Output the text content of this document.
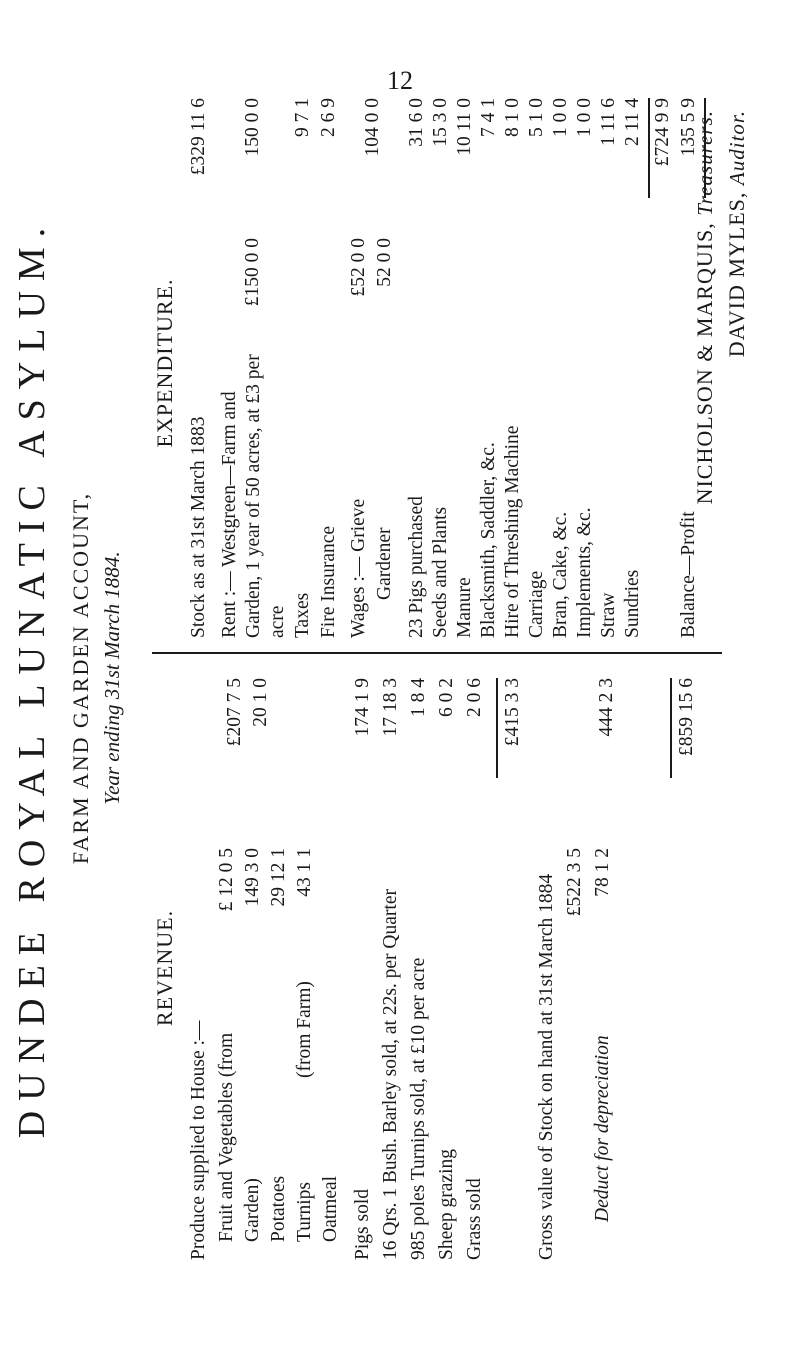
12
DUNDEE ROYAL LUNATIC ASYLUM. FARM AND GARDEN ACCOUNT, Year ending 31st March 1884.
REVENUE.
Produce supplied to House :— Fruit and Vegetables (from Garden) Potatoes Turnips Oatmeal
£ 12 0 5 149 3 0 29 12 1 43 1 1
(from Farm)
£207 7 5 20 1 0
Pigs sold
174 1 9
16 Qrs. 1 Bush. Barley sold, at 22s. per Quarter
17 18 3
985 poles Turnips sold, at £10 per acre
1 8 4
Sheep grazing
6 0 2
Grass sold
2 0 6 £415 3 3
Gross value of Stock on hand at 31st March 1884 £522 3 5
Deduct for depreciation
78 1 2
444 2 3	£859 15 6
EXPENDITURE.
Stock as at 31st March 1883
£329 11 6
Rent :— Westgreen—Farm and Garden, 1 year of 50 acres, at £3 per acre
£150 0 0
150 0 0
Taxes
9 7 1
Fire Insurance
2 6 9
Wages :— Grieve
£52 0 0
Gardener
52 0 0
104 0 0
23 Pigs purchased
31 6 0
Seeds and Plants
15 3 0
Manure
10 11 0
Blacksmith, Saddler, &c.
7 4 1
Hire of Threshing Machine
8 1 0
Carriage
5 1 0
Bran, Cake, &c.
1 0 0
Implements, &c.
1 0 0
Straw
1 11 6
Sundries
2 11 4 £724 9 9
Balance—Profit
135 5 9
NICHOLSON & MARQUIS, Treasurers.
DAVID MYLES, Auditor.
